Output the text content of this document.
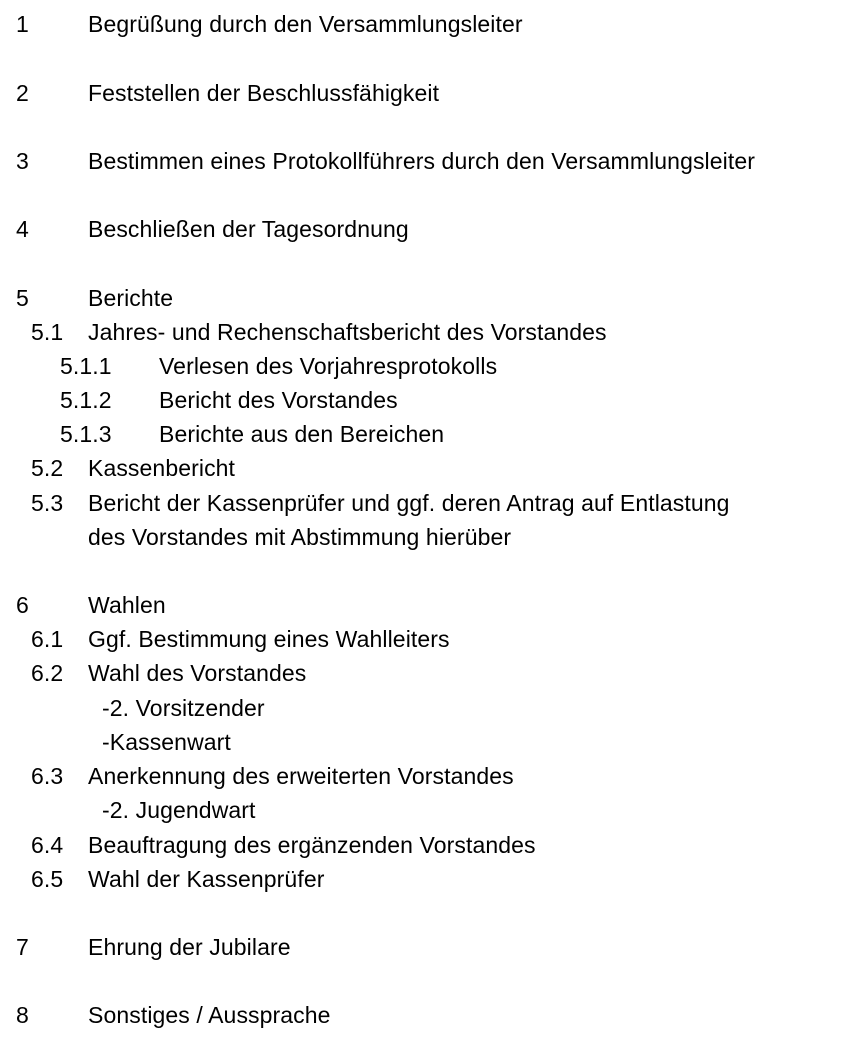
1	Begrüßung durch den Versammlungsleiter
2	Feststellen der Beschlussfähigkeit
3	Bestimmen eines Protokollführers durch den Versammlungsleiter
4	Beschließen der Tagesordnung
5	Berichte
5.1 Jahres- und Rechenschaftsbericht des Vorstandes
5.1.1 Verlesen des Vorjahresprotokolls
5.1.2 Bericht des Vorstandes
5.1.3 Berichte aus den Bereichen
5.2 Kassenbericht
5.3 Bericht der Kassenprüfer und ggf. deren Antrag auf Entlastung
des Vorstandes mit Abstimmung hierüber
6	Wahlen
6.1 Ggf. Bestimmung eines Wahlleiters
6.2 Wahl des Vorstandes
-2. Vorsitzender
-Kassenwart
6.3 Anerkennung des erweiterten Vorstandes
-2. Jugendwart
6.4 Beauftragung des ergänzenden Vorstandes
6.5 Wahl der Kassenprüfer
7	Ehrung der Jubilare
8	Sonstiges / Aussprache
